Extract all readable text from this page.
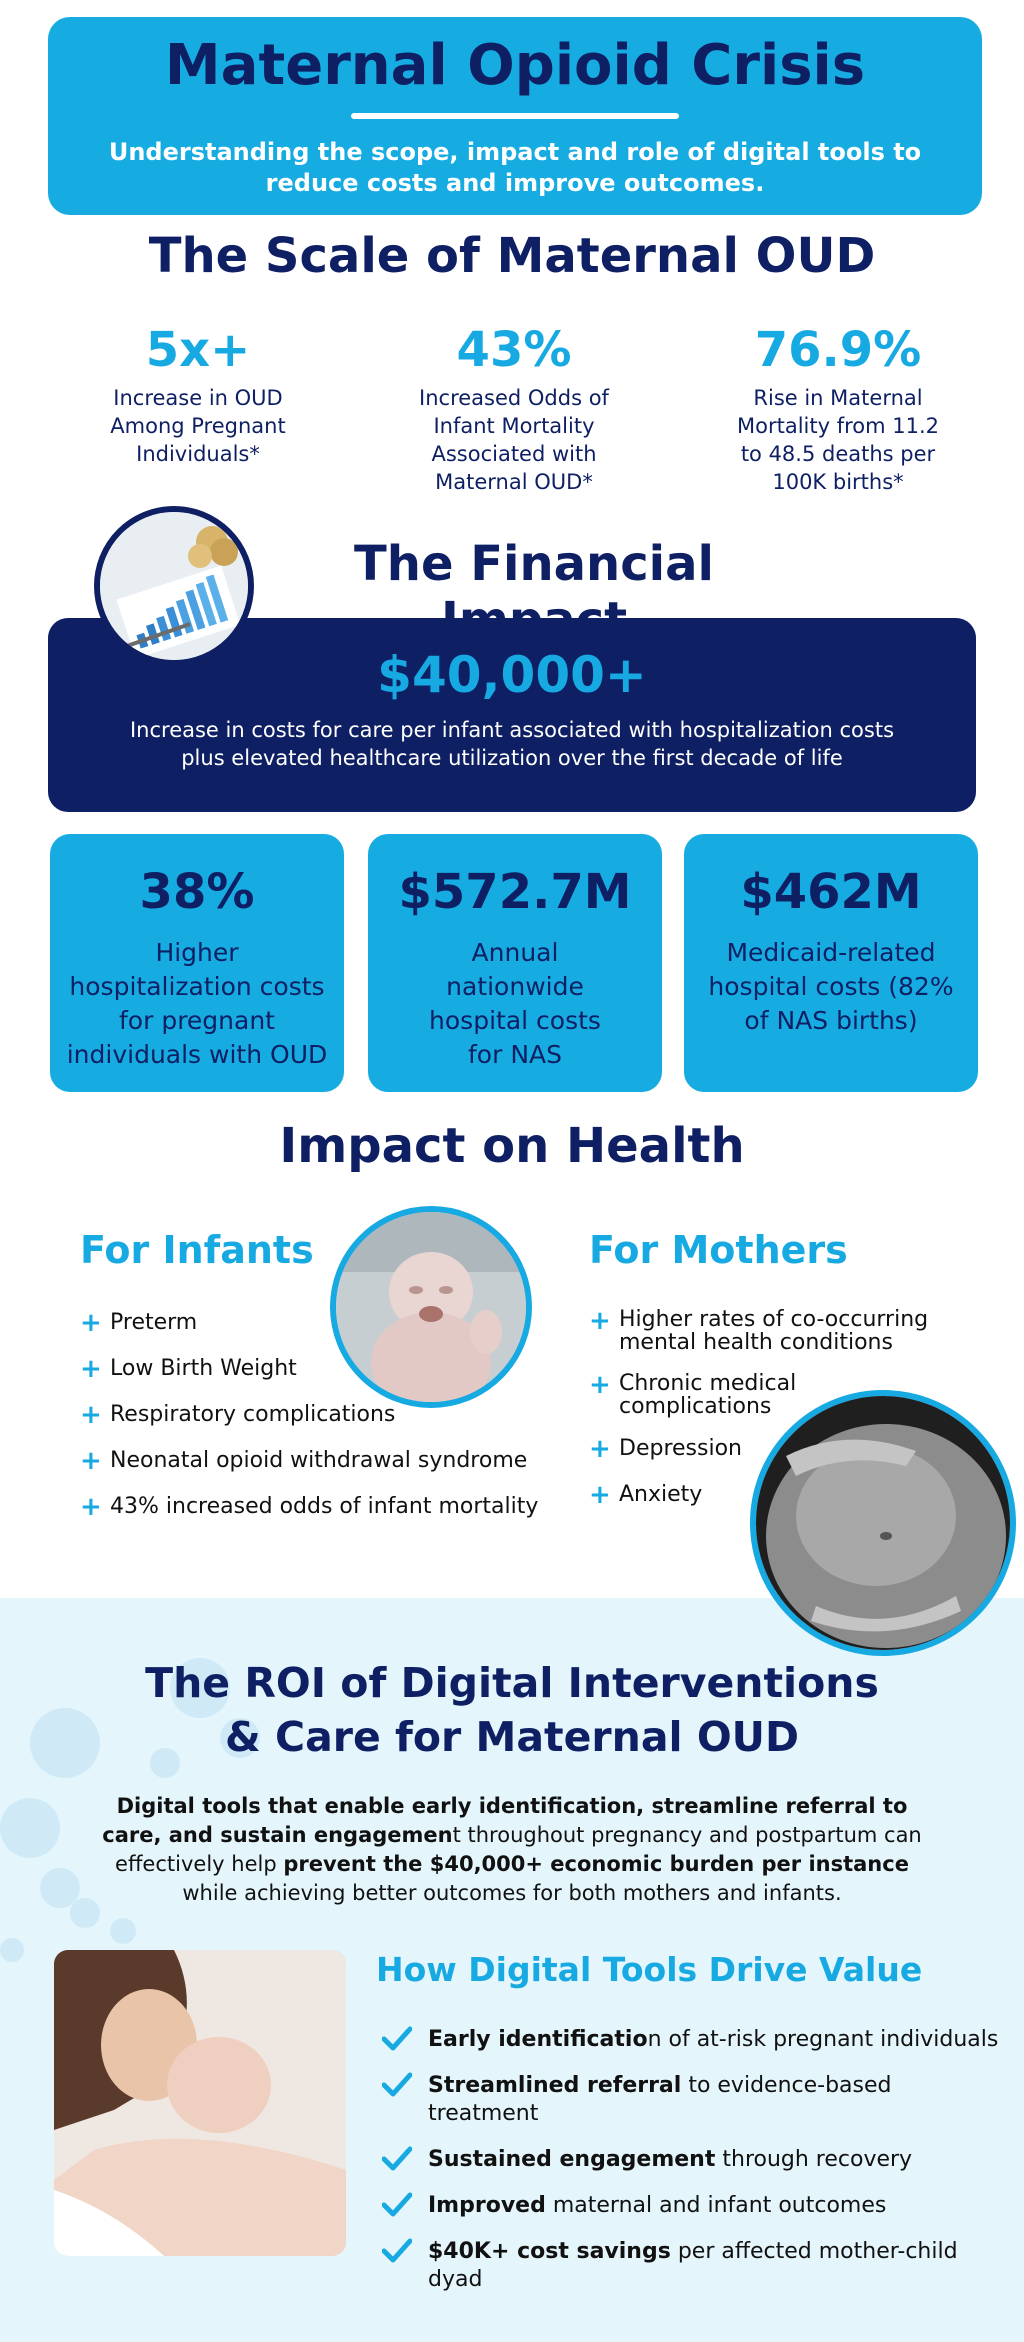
Maternal Opioid Crisis
Understanding the scope, impact and role of digital tools to reduce costs and improve outcomes.
The Scale of Maternal OUD
5x+
Increase in OUD Among Pregnant Individuals*
43%
Increased Odds of Infant Mortality Associated with Maternal OUD*
76.9%
Rise in Maternal Mortality from 11.2 to 48.5 deaths per 100K births*
The Financial
$40,000+
Increase in costs for care per infant associated with hospitalization costs plus elevated healthcare utilization over the first decade of life
38%
Higher hospitalization costs for pregnant individuals with OUD
$572.7M
Annual nationwide hospital costs for NAS
$462M
Medicaid-related hospital costs (82% of NAS births)
Impact on Health
For Infants
+ Preterm
+ Low Birth Weight
+ Respiratory complications
+ Neonatal opioid withdrawal syndrome
+ 43% increased odds of infant mortality
For Mothers
+ Higher rates of co-occurring mental health conditions
+ Chronic medical complications
+ Depression
+ Anxiety
The ROI of Digital Interventions
& Care for Maternal OUD
Digital tools that enable early identification, streamline referral to care, and sustain engagement throughout pregnancy and postpartum can effectively help prevent the $40,000+ economic burden per instance while achieving better outcomes for both mothers and infants.
How Digital Tools Drive Value
Early identification of at-risk pregnant individuals
Streamlined referral to evidence-based treatment
Sustained engagement through recovery
Improved maternal and infant outcomes
$40K+ cost savings per affected mother-child dyad
